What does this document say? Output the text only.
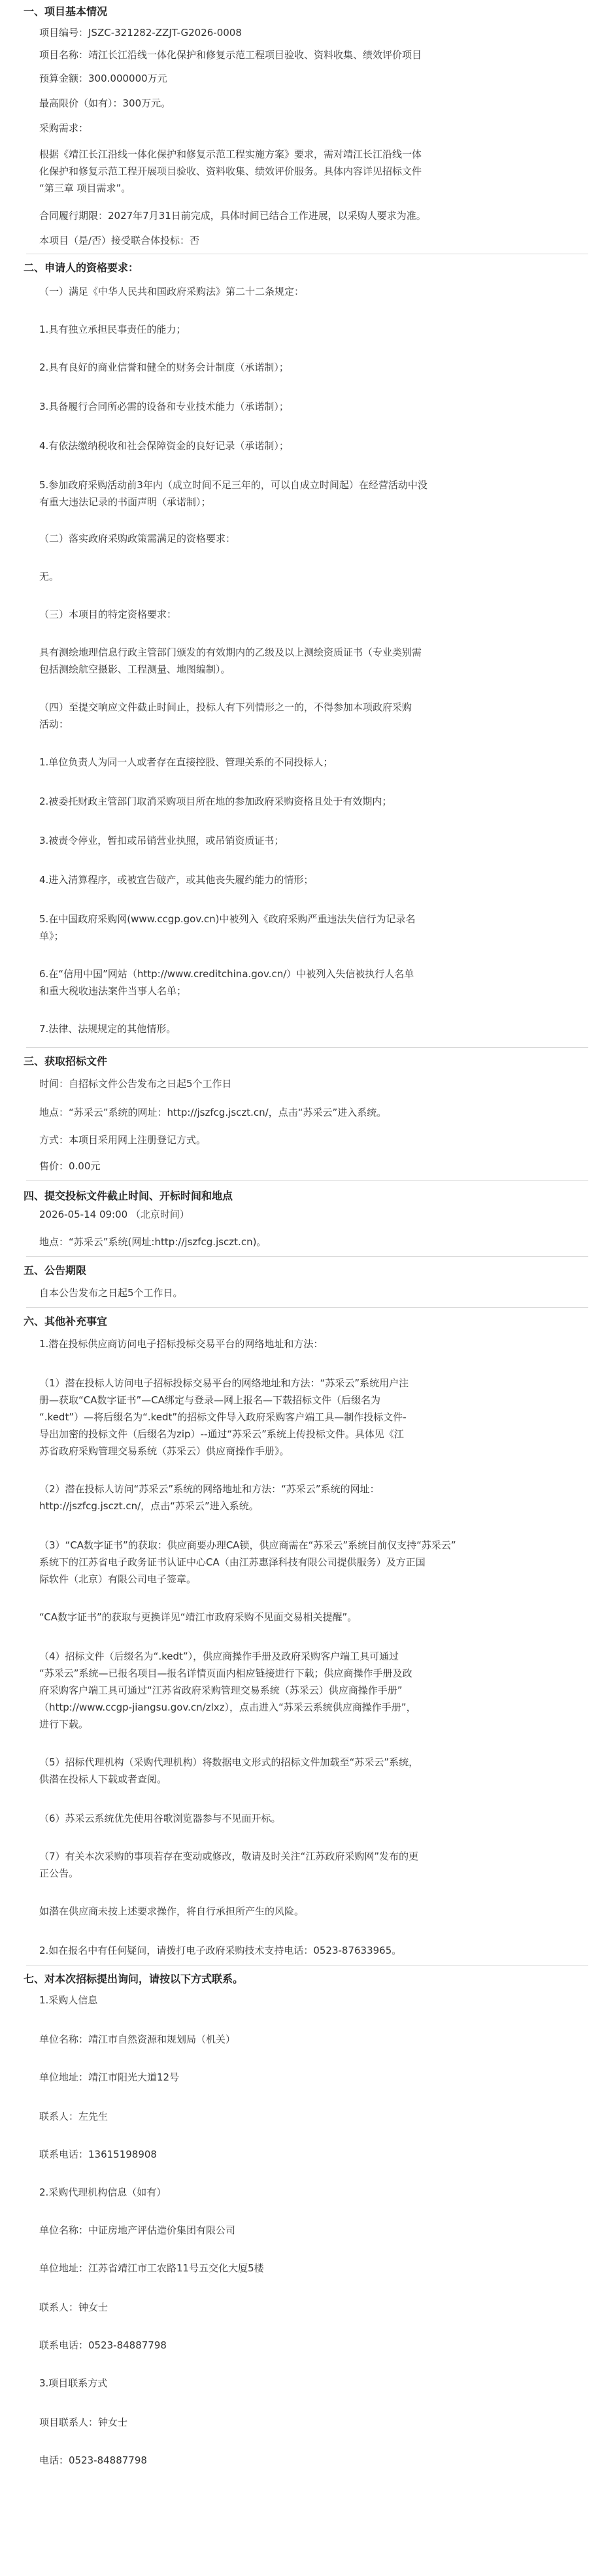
一、项目基本情况
项目编号：JSZC-321282-ZZJT-G2026-0008
项目名称：靖江长江沿线一体化保护和修复示范工程项目验收、资料收集、绩效评价项目
预算金额：300.000000万元
最高限价（如有）：300万元。
采购需求：
根据《靖江长江沿线一体化保护和修复示范工程实施方案》要求，需对靖江长江沿线一体
化保护和修复示范工程开展项目验收、资料收集、绩效评价服务。具体内容详见招标文件
“第三章 项目需求”。
合同履行期限：2027年7月31日前完成，具体时间已结合工作进展，以采购人要求为准。
本项目（是/否）接受联合体投标：否
二、申请人的资格要求：
（一）满足《中华人民共和国政府采购法》第二十二条规定：
1.具有独立承担民事责任的能力；
2.具有良好的商业信誉和健全的财务会计制度（承诺制）；
3.具备履行合同所必需的设备和专业技术能力（承诺制）；
4.有依法缴纳税收和社会保障资金的良好记录（承诺制）；
5.参加政府采购活动前3年内（成立时间不足三年的，可以自成立时间起）在经营活动中没
有重大违法记录的书面声明（承诺制）；
（二）落实政府采购政策需满足的资格要求：
无。
（三）本项目的特定资格要求：
具有测绘地理信息行政主管部门颁发的有效期内的乙级及以上测绘资质证书（专业类别需
包括测绘航空摄影、工程测量、地图编制）。
（四）至提交响应文件截止时间止，投标人有下列情形之一的，不得参加本项政府采购
活动：
1.单位负责人为同一人或者存在直接控股、管理关系的不同投标人；
2.被委托财政主管部门取消采购项目所在地的参加政府采购资格且处于有效期内；
3.被责令停业，暂扣或吊销营业执照，或吊销资质证书；
4.进入清算程序，或被宣告破产，或其他丧失履约能力的情形；
5.在中国政府采购网(www.ccgp.gov.cn)中被列入《政府采购严重违法失信行为记录名
单》；
6.在“信用中国”网站（http://www.creditchina.gov.cn/）中被列入失信被执行人名单
和重大税收违法案件当事人名单；
7.法律、法规规定的其他情形。
三、获取招标文件
时间：自招标文件公告发布之日起5个工作日
地点：“苏采云”系统的网址：http://jszfcg.jsczt.cn/，点击“苏采云”进入系统。
方式：本项目采用网上注册登记方式。
售价：0.00元
四、提交投标文件截止时间、开标时间和地点
2026-05-14 09:00 （北京时间）
地点：“苏采云”系统(网址:http://jszfcg.jsczt.cn)。
五、公告期限
自本公告发布之日起5个工作日。
六、其他补充事宜
1.潜在投标供应商访问电子招标投标交易平台的网络地址和方法：
（1）潜在投标人访问电子招标投标交易平台的网络地址和方法：“苏采云”系统用户注
册—获取“CA数字证书”—CA绑定与登录—网上报名—下载招标文件（后缀名为
“.kedt”）—将后缀名为“.kedt”的招标文件导入政府采购客户端工具—制作投标文件-
导出加密的投标文件（后缀名为zip）--通过“苏采云”系统上传投标文件。具体见《江
苏省政府采购管理交易系统（苏采云）供应商操作手册》。
（2）潜在投标人访问“苏采云”系统的网络地址和方法：“苏采云”系统的网址：
http://jszfcg.jsczt.cn/，点击“苏采云”进入系统。
（3）“CA数字证书”的获取：供应商要办理CA锁，供应商需在“苏采云”系统目前仅支持“苏采云”
系统下的江苏省电子政务证书认证中心CA（由江苏惠泽科技有限公司提供服务）及方正国
际软件（北京）有限公司电子签章。
“CA数字证书”的获取与更换详见“靖江市政府采购不见面交易相关提醒”。
（4）招标文件（后缀名为“.kedt”），供应商操作手册及政府采购客户端工具可通过
“苏采云”系统—已报名项目—报名详情页面内相应链接进行下载；供应商操作手册及政
府采购客户端工具可通过“江苏省政府采购管理交易系统（苏采云）供应商操作手册”
（http://www.ccgp-jiangsu.gov.cn/zlxz），点击进入“苏采云系统供应商操作手册”，
进行下载。
（5）招标代理机构（采购代理机构）将数据电文形式的招标文件加载至“苏采云”系统，
供潜在投标人下载或者查阅。
（6）苏采云系统优先使用谷歌浏览器参与不见面开标。
（7）有关本次采购的事项若存在变动或修改，敬请及时关注“江苏政府采购网”发布的更
正公告。
如潜在供应商未按上述要求操作，将自行承担所产生的风险。
2.如在报名中有任何疑问，请拨打电子政府采购技术支持电话：0523-87633965。
七、对本次招标提出询问，请按以下方式联系。
1.采购人信息
单位名称：靖江市自然资源和规划局（机关）
单位地址：靖江市阳光大道12号
联系人：左先生
联系电话：13615198908
2.采购代理机构信息（如有）
单位名称：中证房地产评估造价集团有限公司
单位地址：江苏省靖江市工农路11号五交化大厦5楼
联系人：钟女士
联系电话：0523-84887798
3.项目联系方式
项目联系人：钟女士
电话：0523-84887798
